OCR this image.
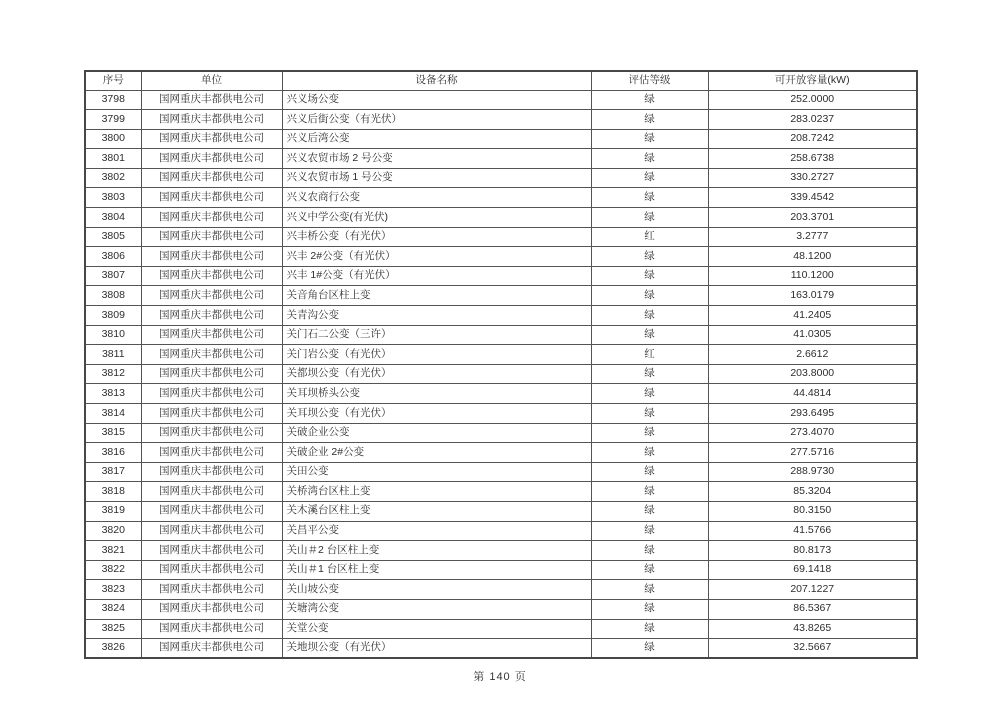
序号	单位	设备名称	评估等级	可开放容量(kW)
3798	国网重庆丰都供电公司	兴义场公变	绿	252.0000
3799	国网重庆丰都供电公司	兴义后街公变（有光伏）	绿	283.0237
3800	国网重庆丰都供电公司	兴义后湾公变	绿	208.7242
3801	国网重庆丰都供电公司	兴义农贸市场 2 号公变	绿	258.6738
3802	国网重庆丰都供电公司	兴义农贸市场 1 号公变	绿	330.2727
3803	国网重庆丰都供电公司	兴义农商行公变	绿	339.4542
3804	国网重庆丰都供电公司	兴义中学公变(有光伏)	绿	203.3701
3805	国网重庆丰都供电公司	兴丰桥公变（有光伏）	红	3.2777
3806	国网重庆丰都供电公司	兴丰 2#公变（有光伏）	绿	48.1200
3807	国网重庆丰都供电公司	兴丰 1#公变（有光伏）	绿	110.1200
3808	国网重庆丰都供电公司	关音角台区柱上变	绿	163.0179
3809	国网重庆丰都供电公司	关青沟公变	绿	41.2405
3810	国网重庆丰都供电公司	关门石二公变（三许）	绿	41.0305
3811	国网重庆丰都供电公司	关门岩公变（有光伏）	红	2.6612
3812	国网重庆丰都供电公司	关都坝公变（有光伏）	绿	203.8000
3813	国网重庆丰都供电公司	关耳坝桥头公变	绿	44.4814
3814	国网重庆丰都供电公司	关耳坝公变（有光伏）	绿	293.6495
3815	国网重庆丰都供电公司	关破企业公变	绿	273.4070
3816	国网重庆丰都供电公司	关破企业 2#公变	绿	277.5716
3817	国网重庆丰都供电公司	关田公变	绿	288.9730
3818	国网重庆丰都供电公司	关桥湾台区柱上变	绿	85.3204
3819	国网重庆丰都供电公司	关木溪台区柱上变	绿	80.3150
3820	国网重庆丰都供电公司	关昌平公变	绿	41.5766
3821	国网重庆丰都供电公司	关山＃2 台区柱上变	绿	80.8173
3822	国网重庆丰都供电公司	关山＃1 台区柱上变	绿	69.1418
3823	国网重庆丰都供电公司	关山坡公变	绿	207.1227
3824	国网重庆丰都供电公司	关塘湾公变	绿	86.5367
3825	国网重庆丰都供电公司	关堂公变	绿	43.8265
3826	国网重庆丰都供电公司	关地坝公变（有光伏）	绿	32.5667
第 140 页
